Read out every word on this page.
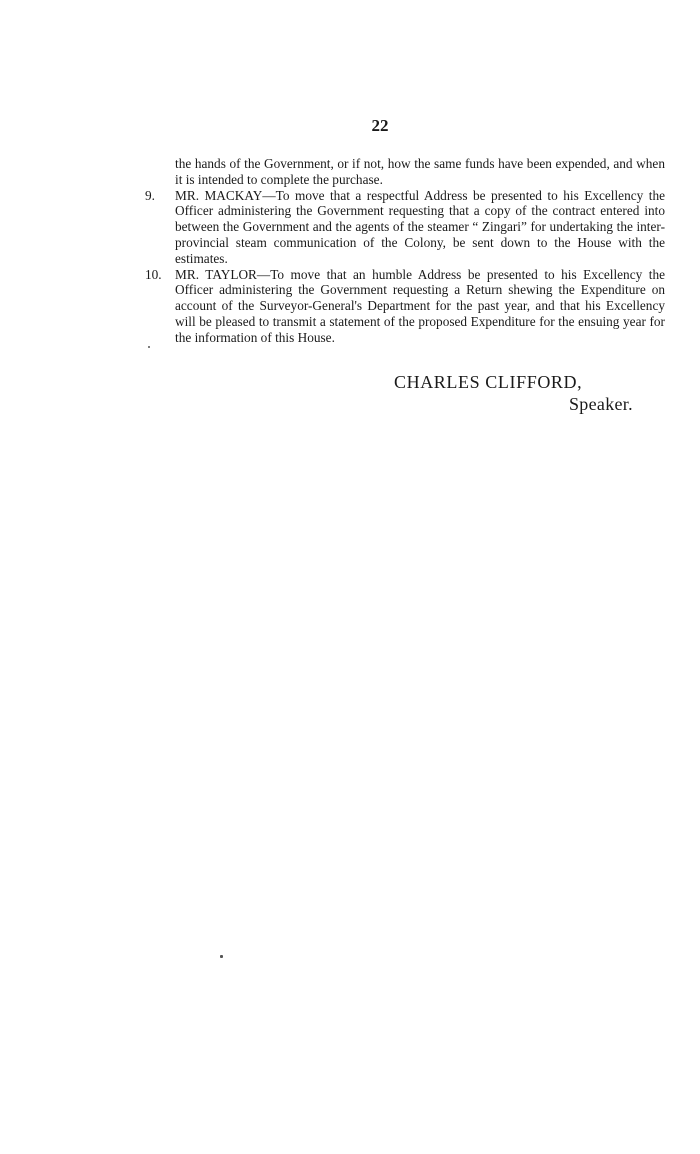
22

the hands of the Government, or if not, how the same funds have been expended, and when it is intended to complete the purchase.

9. MR. MACKAY—To move that a respectful Address be presented to his Excellency the Officer administering the Government requesting that a copy of the contract entered into between the Government and the agents of the steamer “ Zingari” for undertaking the inter-provincial steam communication of the Colony, be sent down to the House with the estimates.

10. MR. TAYLOR—To move that an humble Address be presented to his Excellency the Officer administering the Government requesting a Return shewing the Expenditure on account of the Surveyor-General's Department for the past year, and that his Excellency will be pleased to transmit a statement of the proposed Expenditure for the ensuing year for the information of this House.

CHARLES CLIFFORD,
Speaker.
